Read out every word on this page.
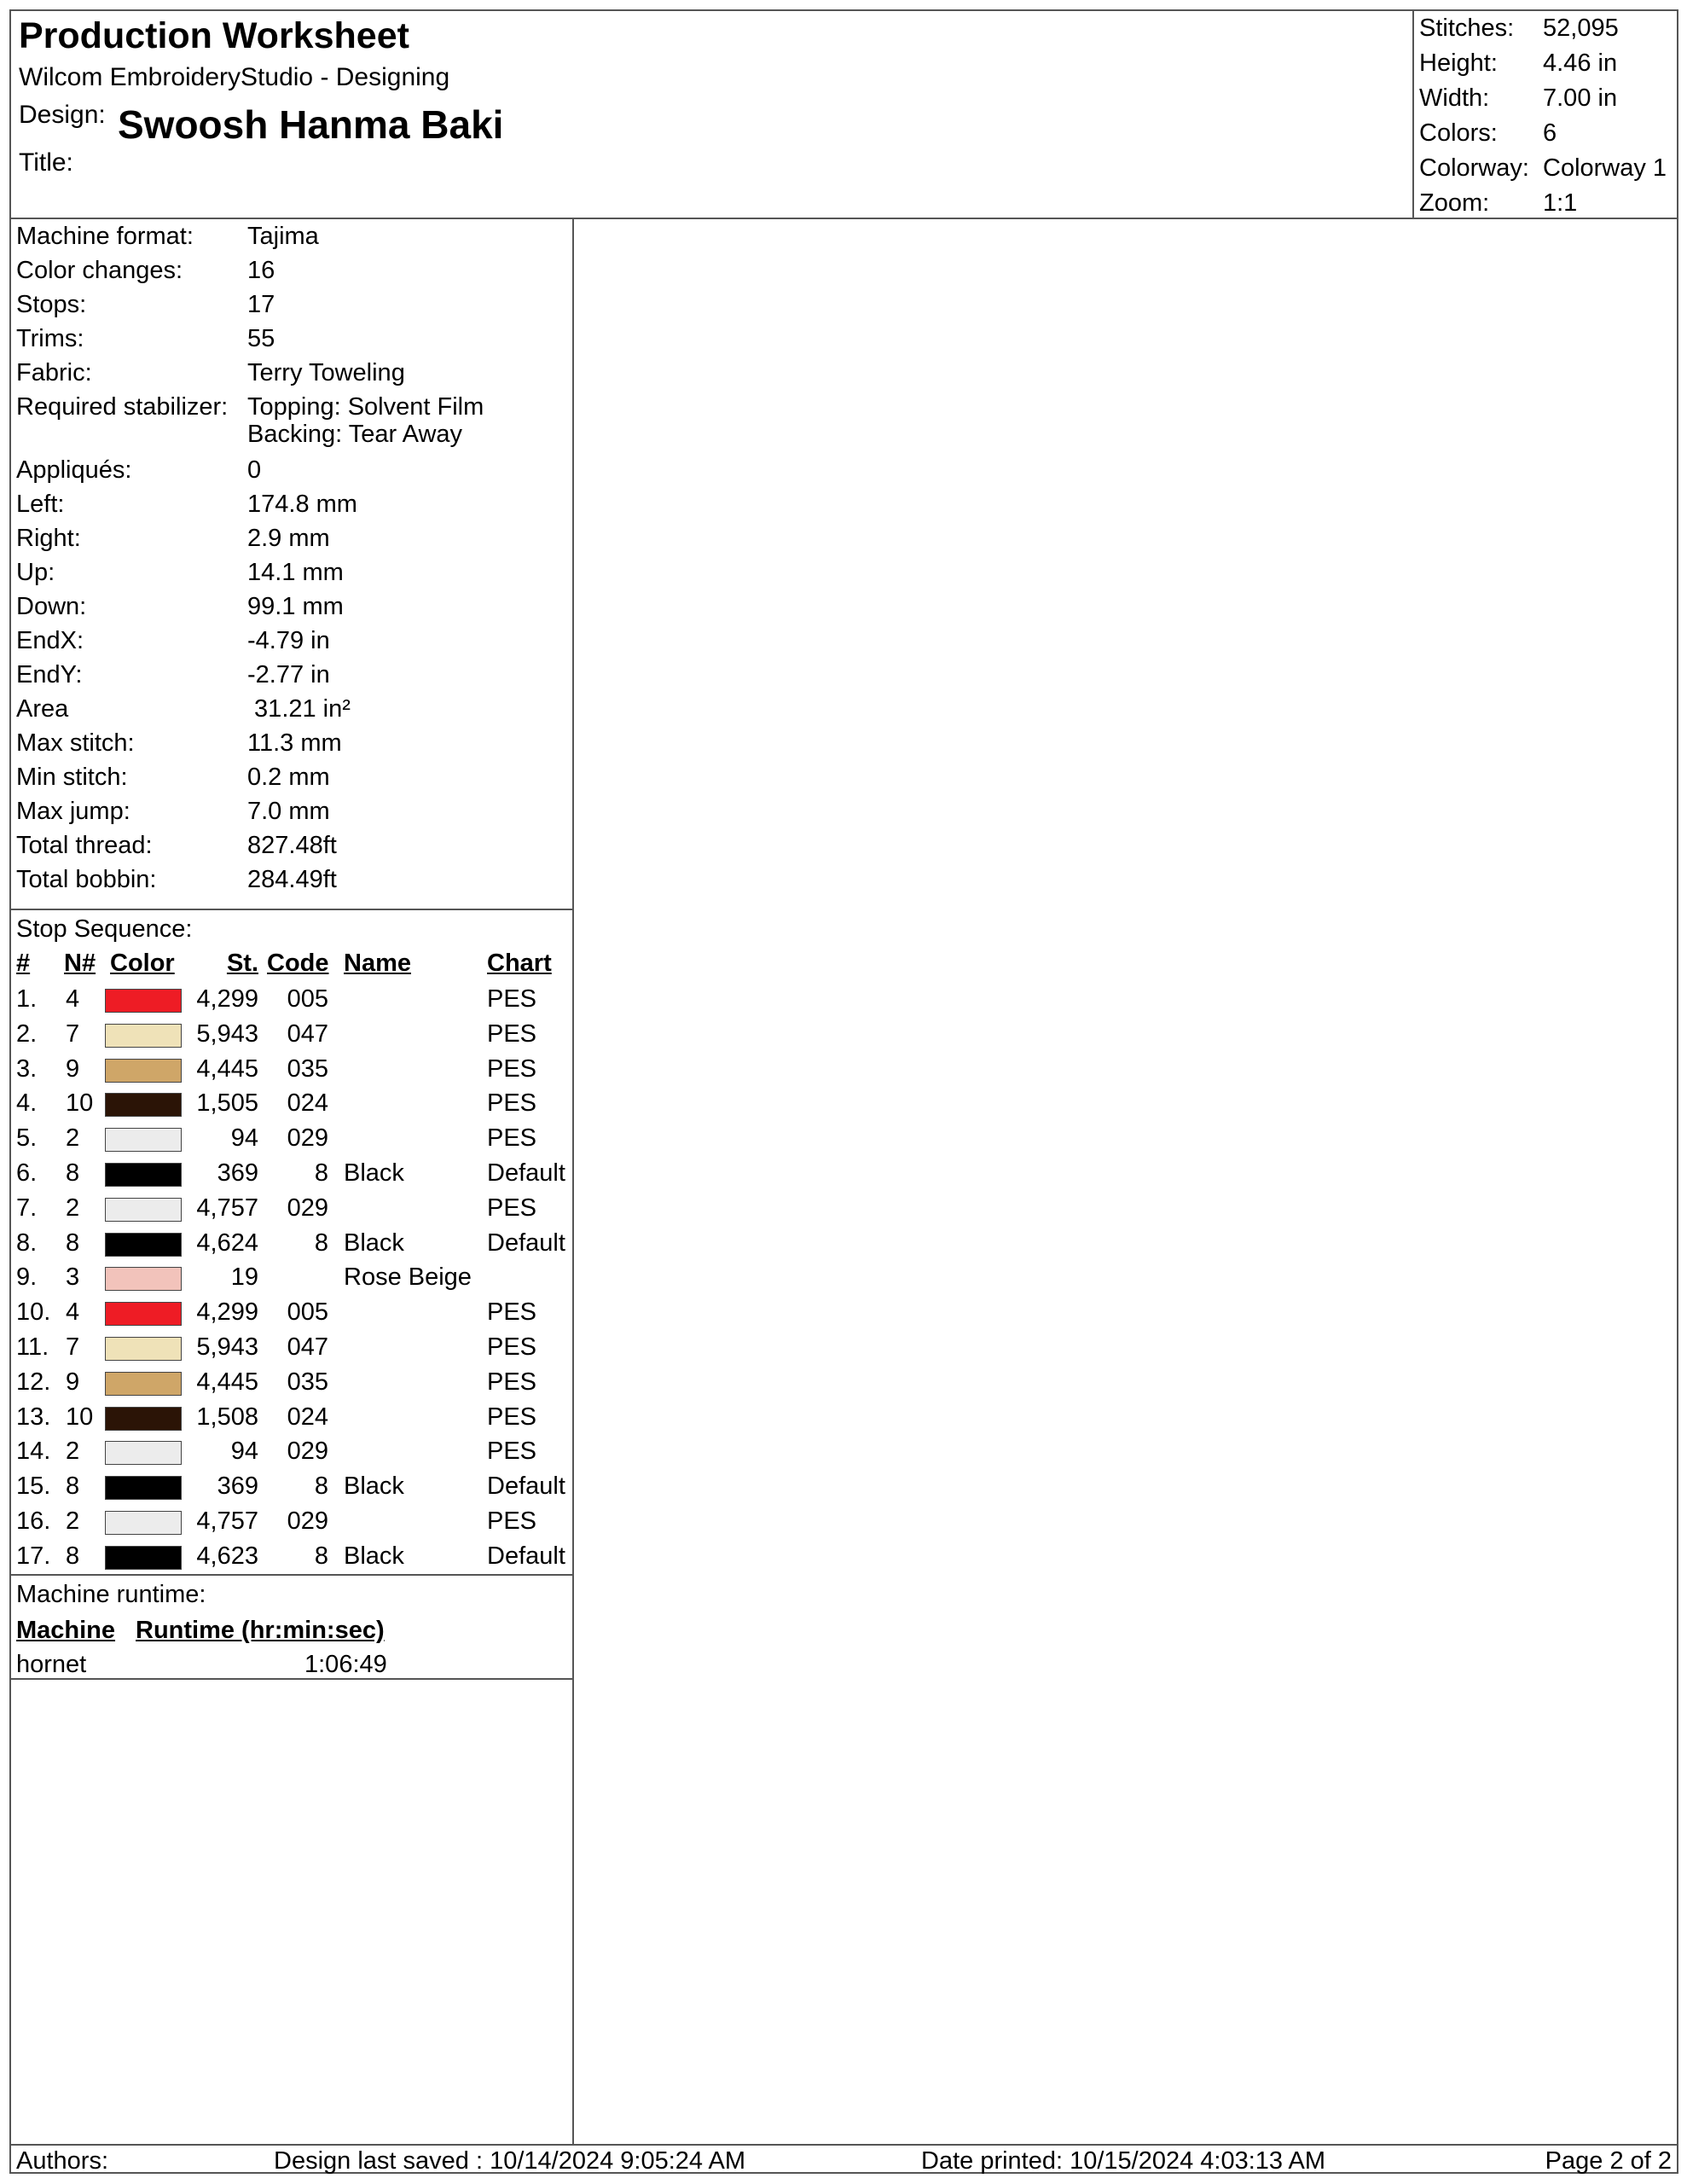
Production Worksheet
Wilcom EmbroideryStudio - Designing
Design: Swoosh Hanma Baki
Title:
Stitches: 52,095
Height: 4.46 in
Width: 7.00 in
Colors: 6
Colorway: Colorway 1
Zoom: 1:1
Machine format: Tajima
Color changes:	16
Stops:	17
Trims:	55
Fabric:	Terry Toweling
Required stabilizer: Topping: Solvent Film
Backing: Tear Away
Appliqués:	0
Left:	174.8 mm
Right:	2.9 mm
Up:	14.1 mm
Down:	99.1 mm
EndX:	-4.79 in
EndY:	-2.77 in
Area	31.21 in²
Max stitch:	11.3 mm
Min stitch:	0.2 mm
Max jump:	7.0 mm
Total thread:	827.48ft
Total bobbin:	284.49ft
Stop Sequence:
# N# Color St. Code Name	Chart
1. 4	4,299 005	PES
2. 7	5,943 047	PES
3. 9	4,445 035	PES
4. 10	1,505 024	PES
5. 2	94 029	PES
6. 8	369 8 Black	Default
7. 2	4,757 029	PES
8. 8	4,624 8 Black	Default
9. 3	19	Rose Beige
10. 4	4,299 005	PES
11. 7	5,943 047	PES
12. 9	4,445 035	PES
13. 10	1,508 024	PES
14. 2	94 029	PES
15. 8	369 8 Black	Default
16. 2	4,757 029	PES
17. 8	4,623 8 Black	Default
Machine runtime:
Machine Runtime (hr:min:sec)
hornet	1:06:49
Authors:	Design last saved : 10/14/2024 9:05:24 AM	Date printed: 10/15/2024 4:03:13 AM	Page 2 of 2
